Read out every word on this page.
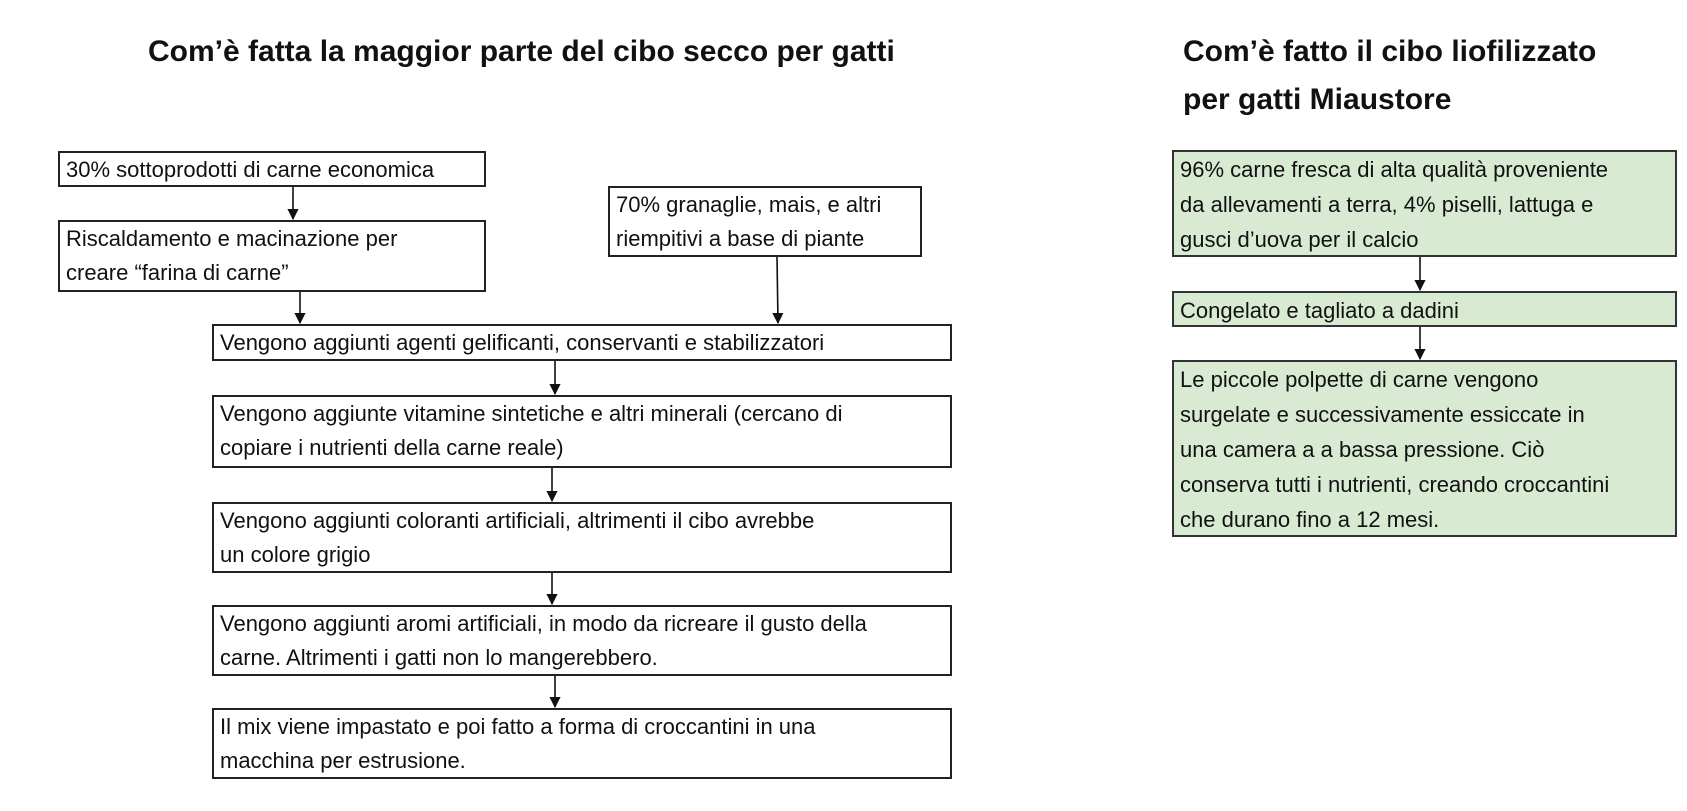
Com’è fatta la maggior parte del cibo secco per gatti	Com’è fatto il cibo liofilizzato
per gatti Miaustore
30% sottoprodotti di carne economica
Riscaldamento e macinazione per
creare “farina di carne”
70% granaglie, mais, e altri
riempitivi a base di piante
Vengono aggiunti agenti gelificanti, conservanti e stabilizzatori
Vengono aggiunte vitamine sintetiche e altri minerali (cercano di
copiare i nutrienti della carne reale)
Vengono aggiunti coloranti artificiali, altrimenti il cibo avrebbe
un colore grigio
Vengono aggiunti aromi artificiali, in modo da ricreare il gusto della
carne. Altrimenti i gatti non lo mangerebbero.
Il mix viene impastato e poi fatto a forma di croccantini in una
macchina per estrusione.
96% carne fresca di alta qualità proveniente
da allevamenti a terra, 4% piselli, lattuga e
gusci d’uova per il calcio
Congelato e tagliato a dadini
Le piccole polpette di carne vengono
surgelate e successivamente essiccate in
una camera a a bassa pressione. Ciò
conserva tutti i nutrienti, creando croccantini
che durano fino a 12 mesi.
